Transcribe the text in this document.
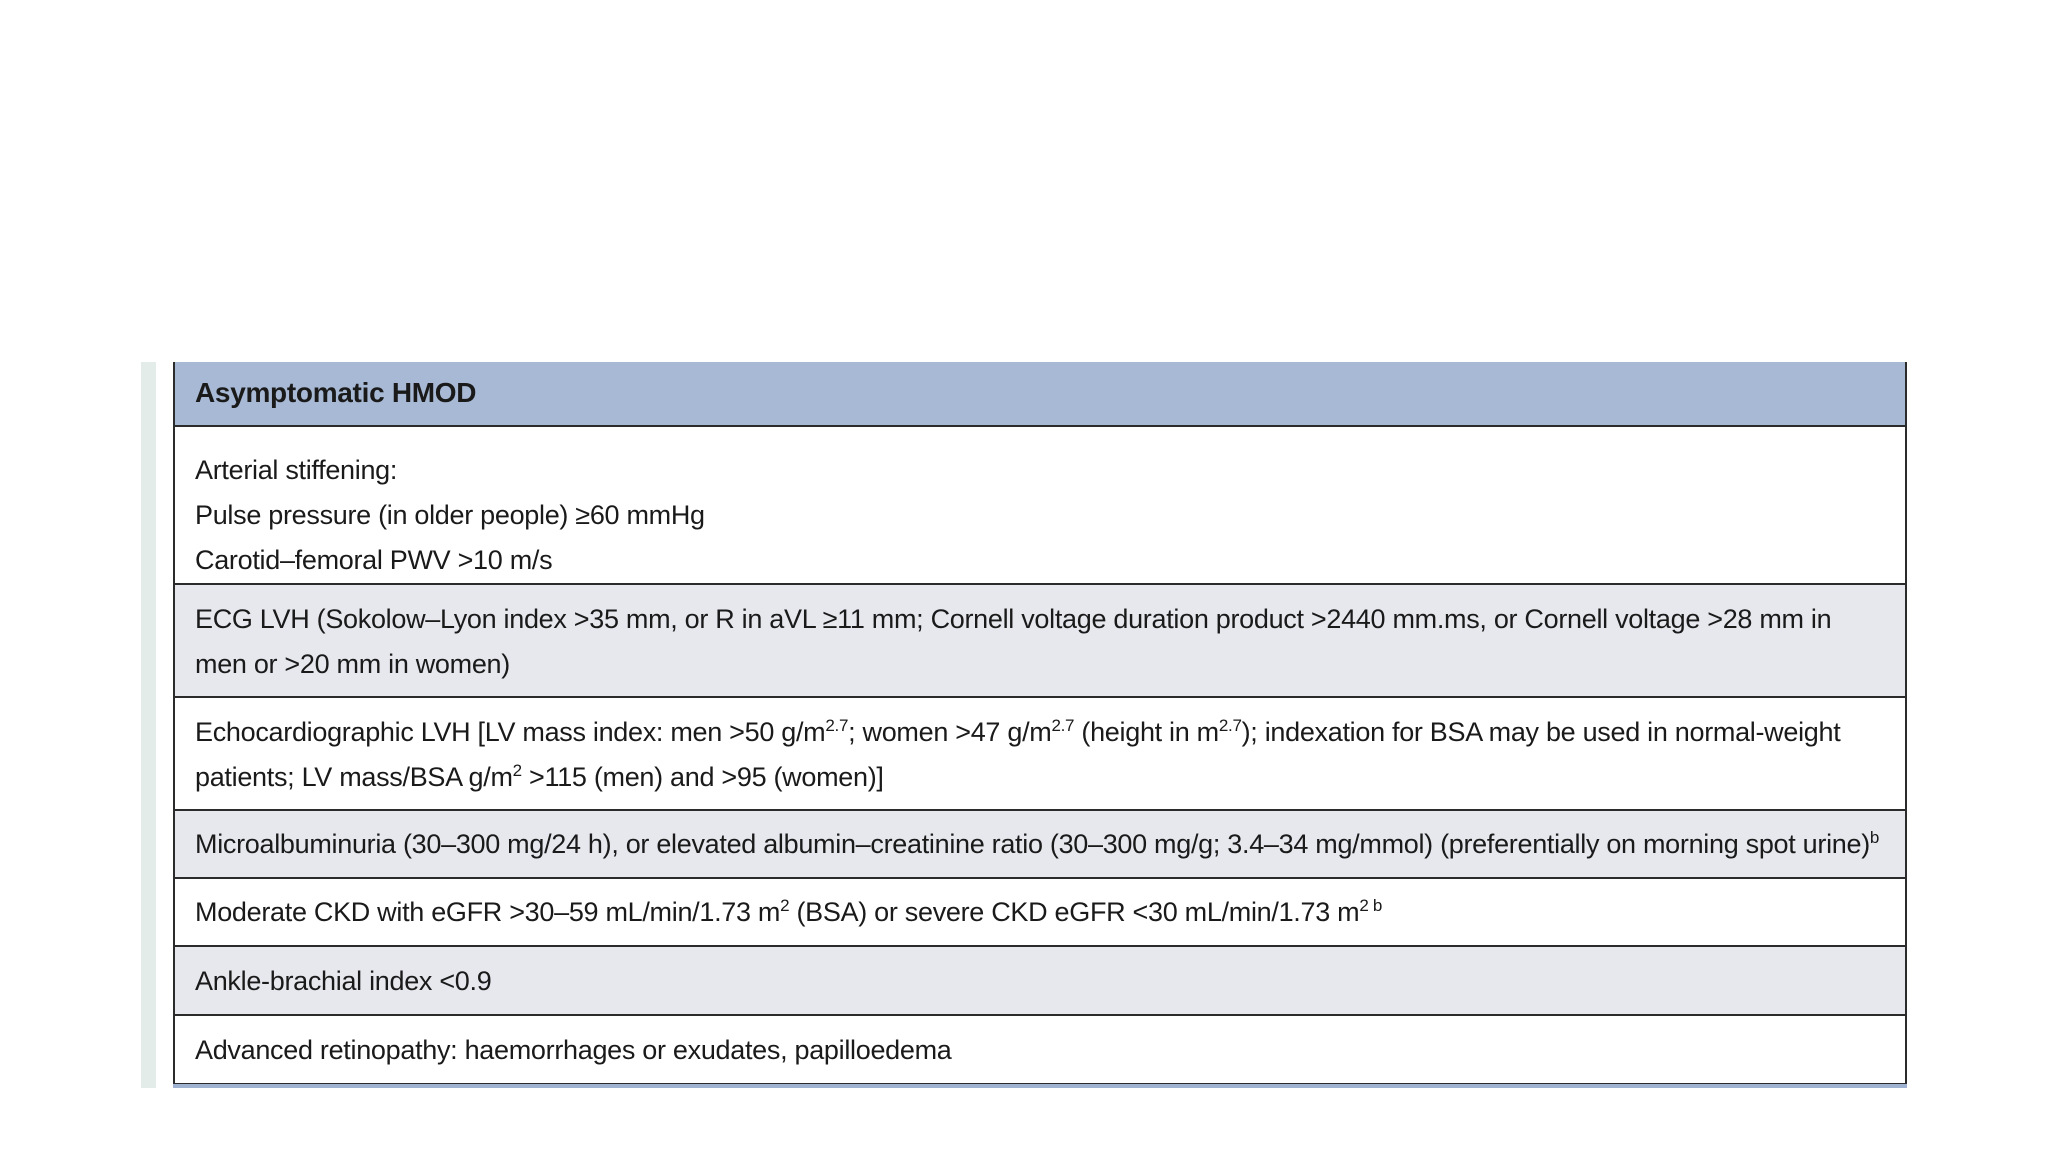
Asymptomatic HMOD
Arterial stiffening:
Pulse pressure (in older people) ≥60 mmHg
Carotid–femoral PWV >10 m/s
ECG LVH (Sokolow–Lyon index >35 mm, or R in aVL ≥11 mm; Cornell voltage duration product >2440 mm.ms, or Cornell voltage >28 mm in men or >20 mm in women)
Echocardiographic LVH [LV mass index: men >50 $g/m^{2.7}$; women >47 $g/m^{2.7}$ (height in $m^{2.7}$); indexation for BSA may be used in normal-weight patients; LV mass/BSA $g/m^2 >115$ (men) and >95 (women)]
Microalbuminuria (30–300 mg/24 h), or elevated albumin–creatinine ratio (30–300 mg/g; 3.4–34 mg/mmol) (preferentially on morning spot urine)$^b$
Moderate CKD with eGFR >30–59 mL/min/1.73 $m^2$ (BSA) or severe CKD eGFR <30 mL/min/1.73 $m^{2 b}$
Ankle-brachial index <0.9
Advanced retinopathy: haemorrhages or exudates, papilloedema
